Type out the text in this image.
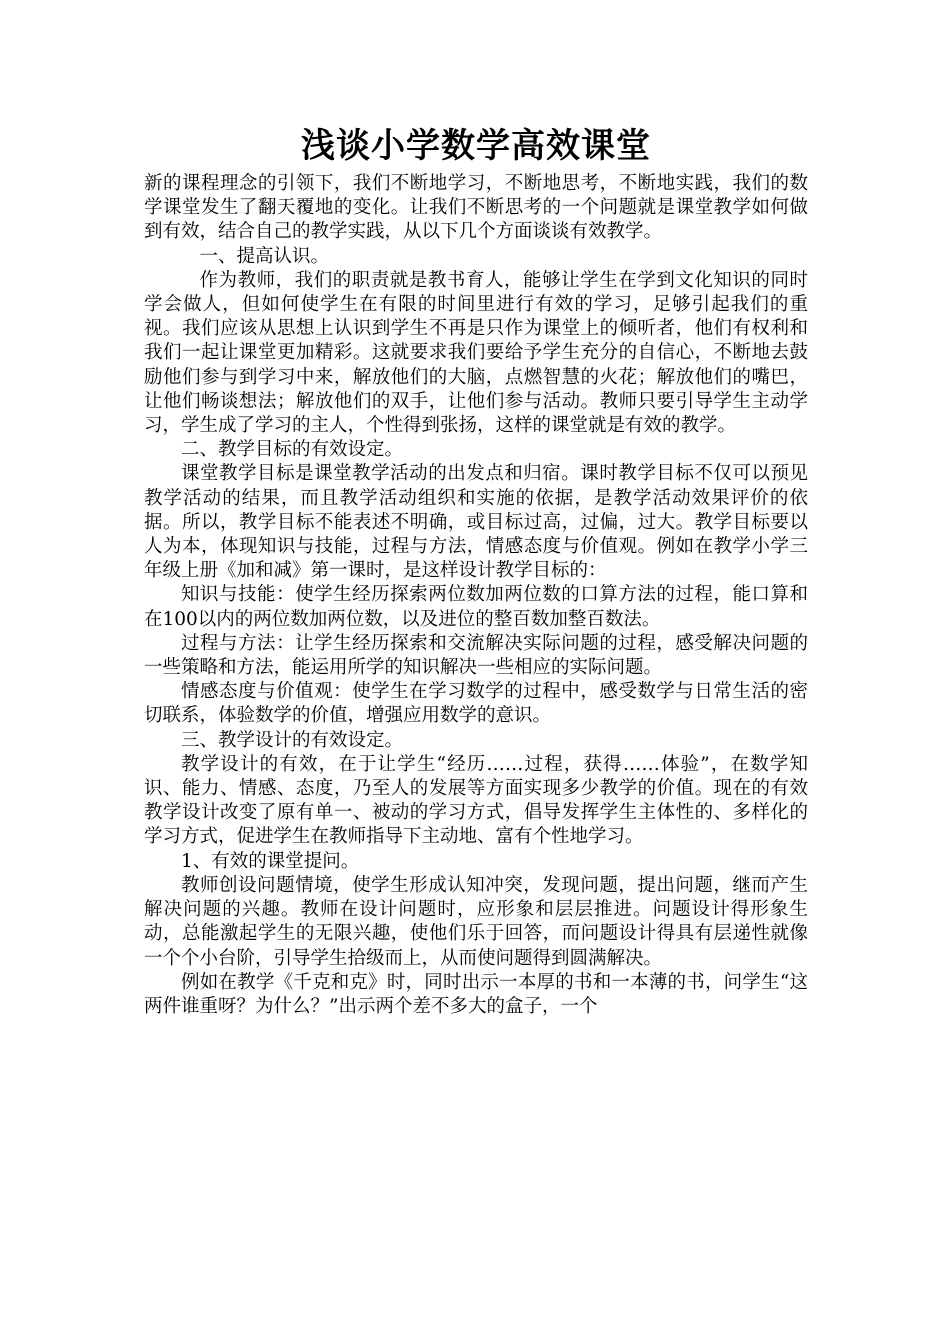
浅谈小学数学高效课堂

新的课程理念的引领下，我们不断地学习，不断地思考，不断地实践，我们的数学课堂发生了翻天覆地的变化。让我们不断思考的一个问题就是课堂教学如何做到有效，结合自己的教学实践，从以下几个方面谈谈有效教学。

一、提高认识。

作为教师，我们的职责就是教书育人，能够让学生在学到文化知识的同时学会做人，但如何使学生在有限的时间里进行有效的学习，足够引起我们的重视。我们应该从思想上认识到学生不再是只作为课堂上的倾听者，他们有权利和我们一起让课堂更加精彩。这就要求我们要给予学生充分的自信心，不断地去鼓励他们参与到学习中来，解放他们的大脑，点燃智慧的火花；解放他们的嘴巴，让他们畅谈想法；解放他们的双手，让他们参与活动。教师只要引导学生主动学习，学生成了学习的主人，个性得到张扬，这样的课堂就是有效的教学。

二、教学目标的有效设定。

课堂教学目标是课堂教学活动的出发点和归宿。课时教学目标不仅可以预见教学活动的结果，而且教学活动组织和实施的依据，是教学活动效果评价的依据。所以，教学目标不能表述不明确，或目标过高，过偏，过大。教学目标要以人为本，体现知识与技能，过程与方法，情感态度与价值观。例如在教学小学三年级上册《加和减》第一课时，是这样设计教学目标的：

知识与技能：使学生经历探索两位数加两位数的口算方法的过程，能口算和在100以内的两位数加两位数，以及进位的整百数加整百数法。

过程与方法：让学生经历探索和交流解决实际问题的过程，感受解决问题的一些策略和方法，能运用所学的知识解决一些相应的实际问题。

情感态度与价值观：使学生在学习数学的过程中，感受数学与日常生活的密切联系，体验数学的价值，增强应用数学的意识。

三、教学设计的有效设定。

教学设计的有效，在于让学生“经历……过程，获得……体验”，在数学知识、能力、情感、态度，乃至人的发展等方面实现多少教学的价值。现在的有效教学设计改变了原有单一、被动的学习方式，倡导发挥学生主体性的、多样化的学习方式，促进学生在教师指导下主动地、富有个性地学习。

1、有效的课堂提问。

教师创设问题情境，使学生形成认知冲突，发现问题，提出问题，继而产生解决问题的兴趣。教师在设计问题时，应形象和层层推进。问题设计得形象生动，总能激起学生的无限兴趣，使他们乐于回答，而问题设计得具有层递性就像一个个小台阶，引导学生拾级而上，从而使问题得到圆满解决。

例如在教学《千克和克》时，同时出示一本厚的书和一本薄的书，问学生“这两件谁重呀？为什么？”出示两个差不多大的盒子，一个
